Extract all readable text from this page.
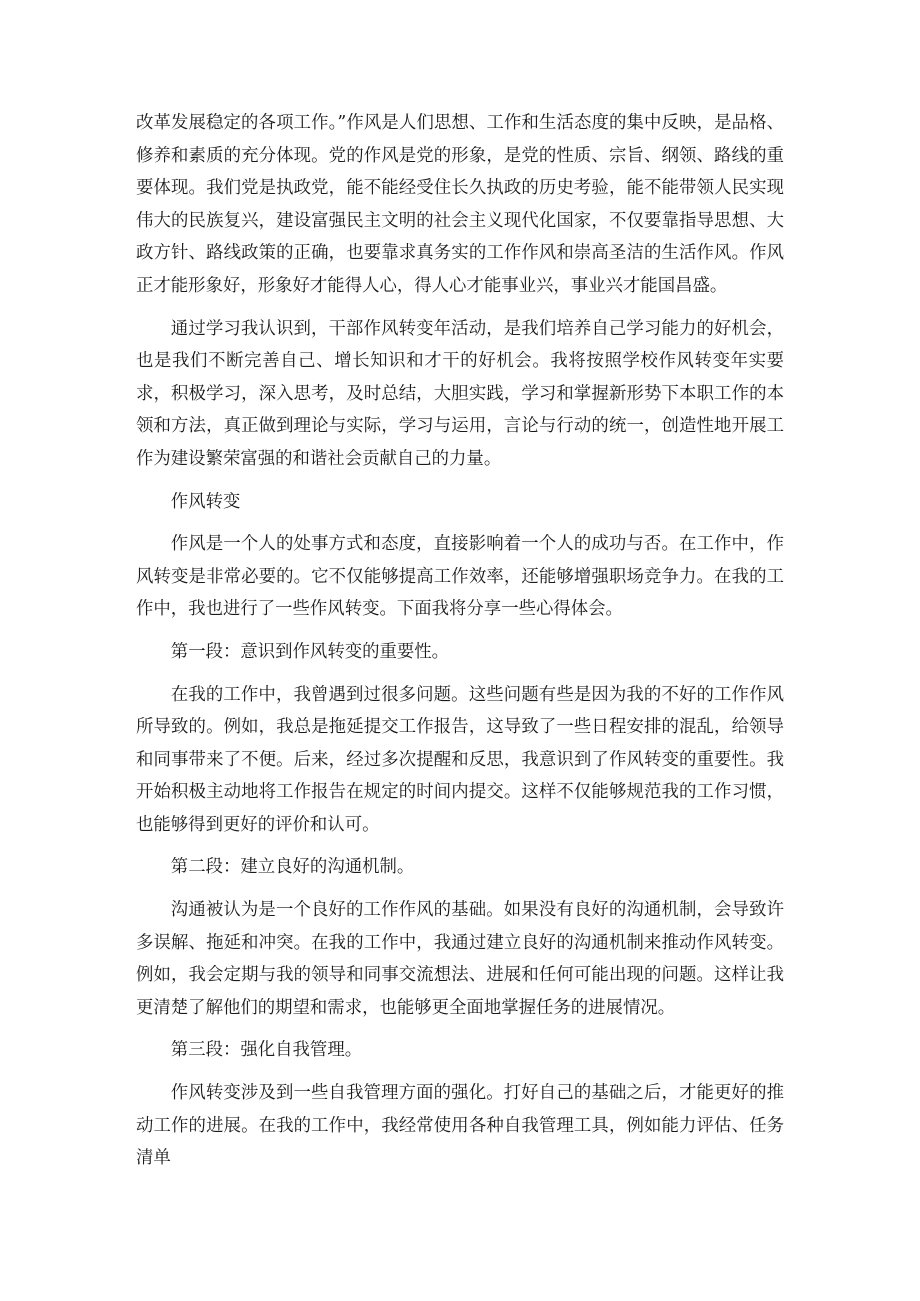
改革发展稳定的各项工作。”作风是人们思想、工作和生活态度的集中反映，是品格、修养和素质的充分体现。党的作风是党的形象，是党的性质、宗旨、纲领、路线的重要体现。我们党是执政党，能不能经受住长久执政的历史考验，能不能带领人民实现伟大的民族复兴，建设富强民主文明的社会主义现代化国家，不仅要靠指导思想、大政方针、路线政策的正确，也要靠求真务实的工作作风和崇高圣洁的生活作风。作风正才能形象好，形象好才能得人心，得人心才能事业兴，事业兴才能国昌盛。

通过学习我认识到，干部作风转变年活动，是我们培养自己学习能力的好机会，也是我们不断完善自己、增长知识和才干的好机会。我将按照学校作风转变年实要求，积极学习，深入思考，及时总结，大胆实践，学习和掌握新形势下本职工作的本领和方法，真正做到理论与实际，学习与运用，言论与行动的统一，创造性地开展工作为建设繁荣富强的和谐社会贡献自己的力量。

作风转变

作风是一个人的处事方式和态度，直接影响着一个人的成功与否。在工作中，作风转变是非常必要的。它不仅能够提高工作效率，还能够增强职场竞争力。在我的工作中，我也进行了一些作风转变。下面我将分享一些心得体会。

第一段：意识到作风转变的重要性。

在我的工作中，我曾遇到过很多问题。这些问题有些是因为我的不好的工作作风所导致的。例如，我总是拖延提交工作报告，这导致了一些日程安排的混乱，给领导和同事带来了不便。后来，经过多次提醒和反思，我意识到了作风转变的重要性。我开始积极主动地将工作报告在规定的时间内提交。这样不仅能够规范我的工作习惯，也能够得到更好的评价和认可。

第二段：建立良好的沟通机制。

沟通被认为是一个良好的工作作风的基础。如果没有良好的沟通机制，会导致许多误解、拖延和冲突。在我的工作中，我通过建立良好的沟通机制来推动作风转变。例如，我会定期与我的领导和同事交流想法、进展和任何可能出现的问题。这样让我更清楚了解他们的期望和需求，也能够更全面地掌握任务的进展情况。

第三段：强化自我管理。

作风转变涉及到一些自我管理方面的强化。打好自己的基础之后，才能更好的推动工作的进展。在我的工作中，我经常使用各种自我管理工具，例如能力评估、任务清单
